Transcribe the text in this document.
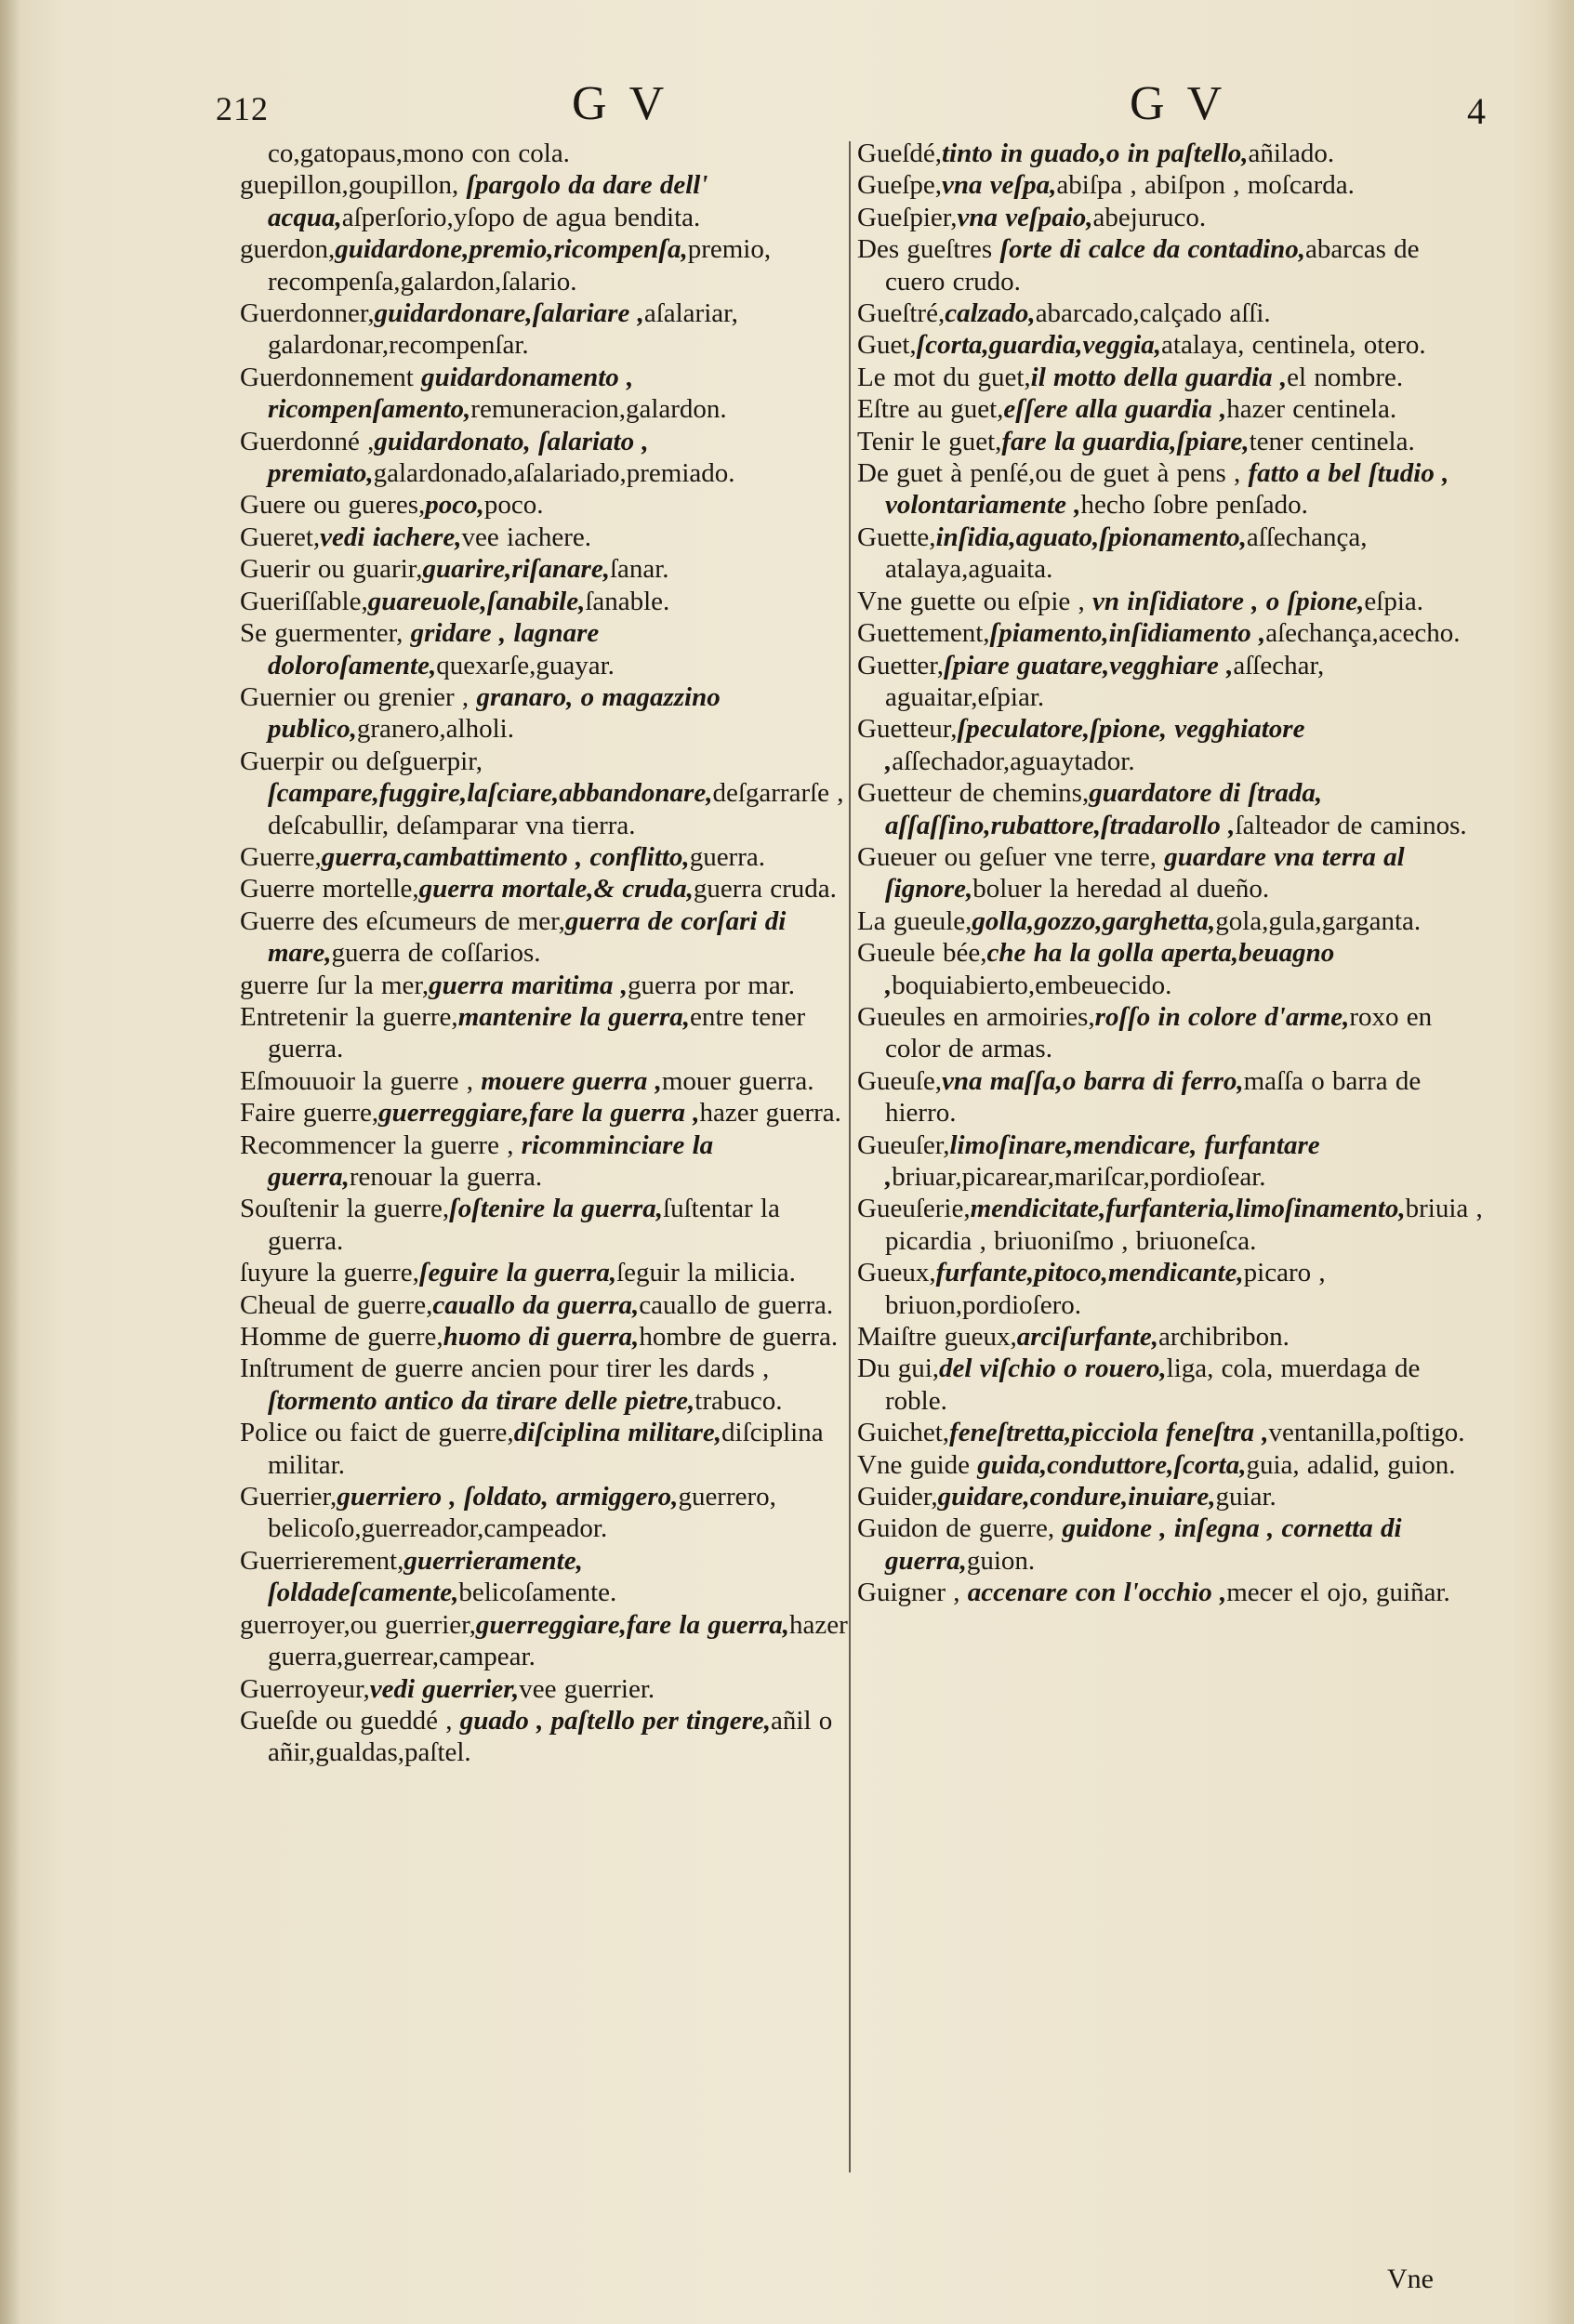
212	G V	G V	4
co,gatopaus,mono con cola.
guepillon,goupillon, ſpargolo da dare dell' acqua,aſperſorio,yſopo de agua bendita.
guerdon,guidardone,premio,ricompenſa,premio, recompenſa,galardon,ſalario.
Guerdonner,guidardonare,ſalariare ,aſalariar, galardonar,recompenſar.
Guerdonnement guidardonamento , ricompenſamento,remuneracion,galardon.
Guerdonné ,guidardonato, ſalariato , premiato,galardonado,aſalariado,premiado.
Guere ou gueres,poco,poco.
Gueret,vedi iachere,vee iachere.
Guerir ou guarir,guarire,riſanare,ſanar.
Gueriſſable,guareuole,ſanabile,ſanable.
Se guermenter, gridare , lagnare doloroſamente,quexarſe,guayar.
Guernier ou grenier , granaro, o magazzino publico,granero,alholi.
Guerpir ou deſguerpir, ſcampare,fuggire,laſciare,abbandonare,deſgarrarſe , deſcabullir, deſamparar vna tierra.
Guerre,guerra,cambattimento , conflitto,guerra.
Guerre mortelle,guerra mortale,& cruda,guerra cruda.
Guerre des eſcumeurs de mer,guerra de corſari di mare,guerra de coſſarios.
guerre ſur la mer,guerra maritima ,guerra por mar.
Entretenir la guerre,mantenire la guerra,entre tener guerra.
Eſmouuoir la guerre , mouere guerra ,mouer guerra.
Faire guerre,guerreggiare,fare la guerra ,hazer guerra.
Recommencer la guerre , ricomminciare la guerra,renouar la guerra.
Souſtenir la guerre,ſoſtenire la guerra,ſuſtentar la guerra.
ſuyure la guerre,ſeguire la guerra,ſeguir la milicia.
Cheual de guerre,cauallo da guerra,cauallo de guerra.
Homme de guerre,huomo di guerra,hombre de guerra.
Inſtrument de guerre ancien pour tirer les dards , ſtormento antico da tirare delle pietre,trabuco.
Police ou faict de guerre,diſciplina militare,diſciplina militar.
Guerrier,guerriero , ſoldato, armiggero,guerrero, belicoſo,guerreador,campeador.
Guerrierement,guerrieramente, ſoldadeſcamente,belicoſamente.
guerroyer,ou guerrier,guerreggiare,fare la guerra,hazer guerra,guerrear,campear.
Guerroyeur,vedi guerrier,vee guerrier.
Gueſde ou gueddé , guado , paſtello per tingere,añil o añir,gualdas,paſtel.
Gueſdé,tinto in guado,o in paſtello,añilado.
Gueſpe,vna veſpa,abiſpa , abiſpon , moſcarda.
Gueſpier,vna veſpaio,abejuruco.
Des gueſtres ſorte di calce da contadino,abarcas de cuero crudo.
Gueſtré,calzado,abarcado,calçado aſſi.
Guet,ſcorta,guardia,veggia,atalaya, centinela, otero.
Le mot du guet,il motto della guardia ,el nombre.
Eſtre au guet,eſſere alla guardia ,hazer centinela.
Tenir le guet,fare la guardia,ſpiare,tener centinela.
De guet à penſé,ou de guet à pens , fatto a bel ſtudio , volontariamente ,hecho ſobre penſado.
Guette,inſidia,aguato,ſpionamento,aſſechança, atalaya,aguaita.
Vne guette ou eſpie , vn inſidiatore , o ſpione,eſpia.
Guettement,ſpiamento,inſidiamento ,aſechança,acecho.
Guetter,ſpiare guatare,vegghiare ,aſſechar, aguaitar,eſpiar.
Guetteur,ſpeculatore,ſpione, vegghiatore ,aſſechador,aguaytador.
Guetteur de chemins,guardatore di ſtrada, aſſaſſino,rubattore,ſtradarollo ,ſalteador de caminos.
Gueuer ou geſuer vne terre, guardare vna terra al ſignore,boluer la heredad al dueño.
La gueule,golla,gozzo,garghetta,gola,gula,garganta.
Gueule bée,che ha la golla aperta,beuagno ,boquiabierto,embeuecido.
Gueules en armoiries,roſſo in colore d'arme,roxo en color de armas.
Gueuſe,vna maſſa,o barra di ferro,maſſa o barra de hierro.
Gueuſer,limoſinare,mendicare, furfantare ,briuar,picarear,mariſcar,pordioſear.
Gueuſerie,mendicitate,furfanteria,limoſinamento,briuia , picardia , briuoniſmo , briuoneſca.
Gueux,furfante,pitoco,mendicante,picaro , briuon,pordioſero.
Maiſtre gueux,arciſurfante,archibribon.
Du gui,del viſchio o rouero,liga, cola, muerdaga de roble.
Guichet,feneſtretta,picciola feneſtra ,ventanilla,poſtigo.
Vne guide guida,conduttore,ſcorta,guia, adalid, guion.
Guider,guidare,condure,inuiare,guiar.
Guidon de guerre, guidone , inſegna , cornetta di guerra,guion.
Guigner , accenare con l'occhio ,mecer el ojo, guiñar.
Vne
